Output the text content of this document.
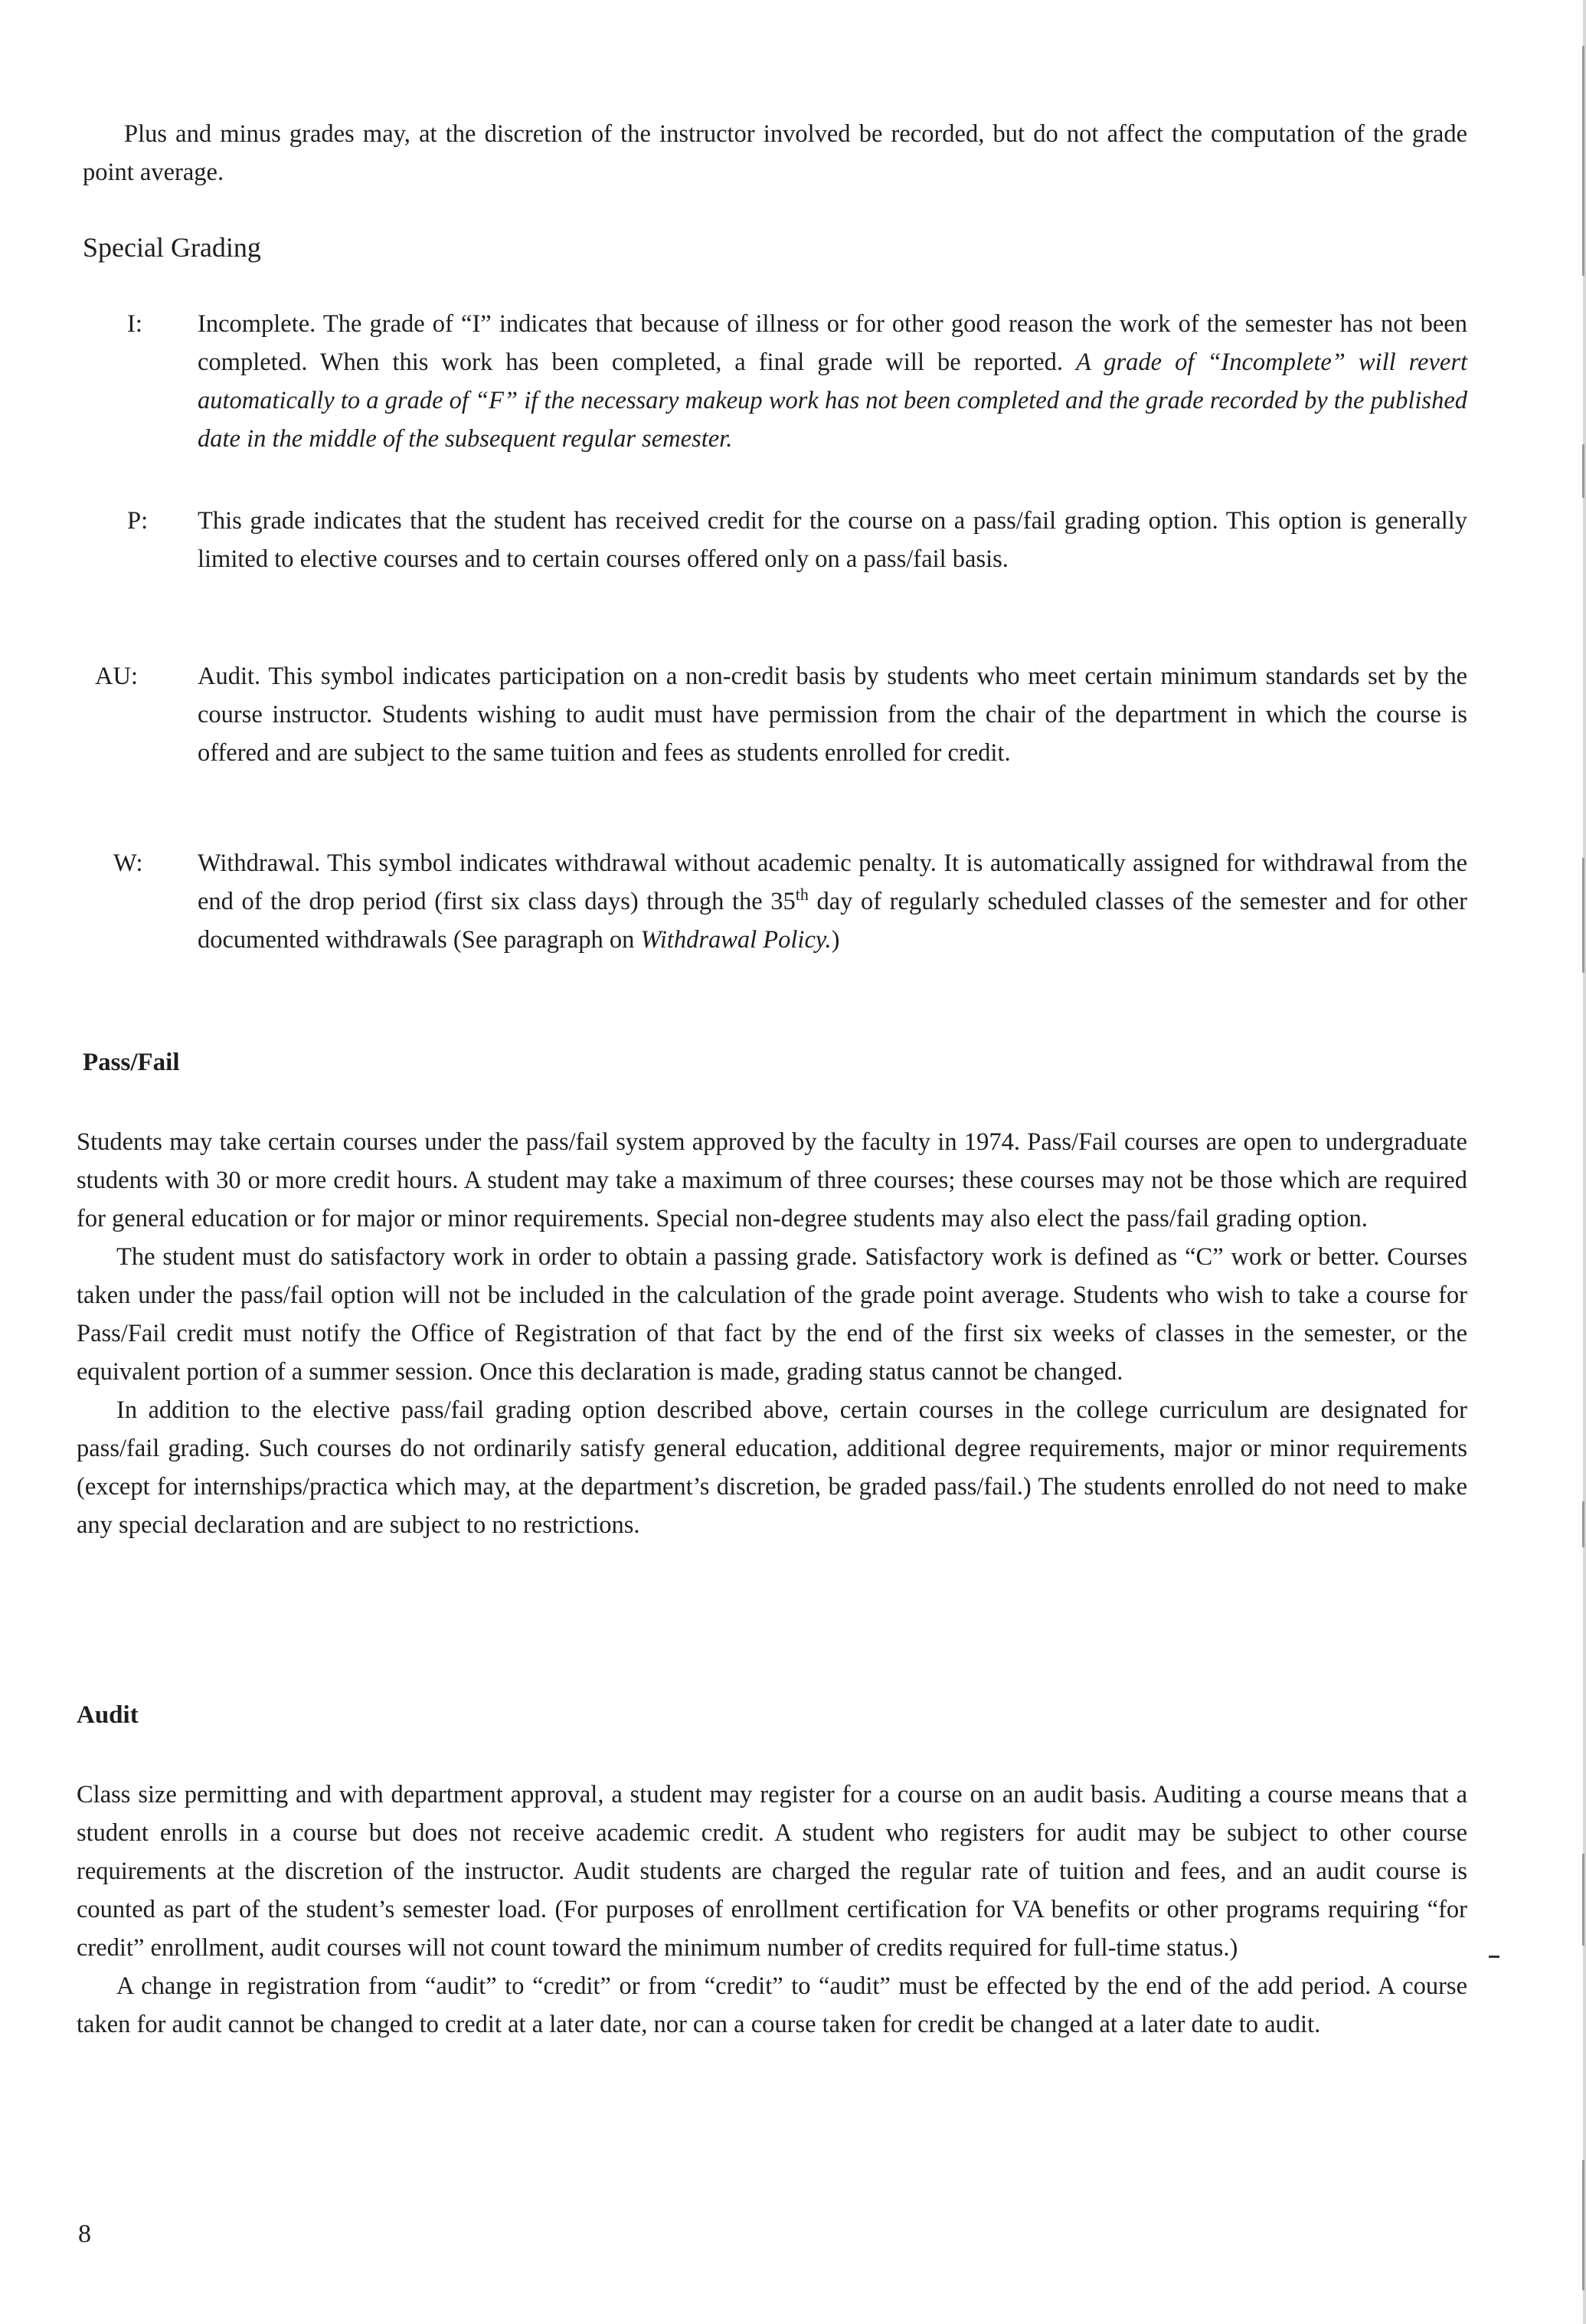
Plus and minus grades may, at the discretion of the instructor involved be recorded, but do not affect the computation of the grade point average.

Special Grading
I:	Incomplete. The grade of “I” indicates that because of illness or for other good reason the work of the semester has not been completed. When this work has been completed, a final grade will be reported. A grade of “Incomplete” will revert automatically to a grade of “F” if the necessary makeup work has not been completed and the grade recorded by the published date in the middle of the subsequent regular semester.
P:	This grade indicates that the student has received credit for the course on a pass/fail grading option. This option is generally limited to elective courses and to certain courses offered only on a pass/fail basis.
AU:	Audit. This symbol indicates participation on a non-credit basis by students who meet certain minimum standards set by the course instructor. Students wishing to audit must have permission from the chair of the department in which the course is offered and are subject to the same tuition and fees as students enrolled for credit.
W:	Withdrawal. This symbol indicates withdrawal without academic penalty. It is automatically assigned for withdrawal from the end of the drop period (first six class days) through the 35th day of regularly scheduled classes of the semester and for other documented withdrawals (See paragraph on Withdrawal Policy.)
Pass/Fail

Students may take certain courses under the pass/fail system approved by the faculty in 1974. Pass/Fail courses are open to undergraduate students with 30 or more credit hours. A student may take a maximum of three courses; these courses may not be those which are required for general education or for major or minor requirements. Special non-degree students may also elect the pass/fail grading option.

The student must do satisfactory work in order to obtain a passing grade. Satisfactory work is defined as “C” work or better. Courses taken under the pass/fail option will not be included in the calculation of the grade point average. Students who wish to take a course for Pass/Fail credit must notify the Office of Registration of that fact by the end of the first six weeks of classes in the semester, or the equivalent portion of a summer session. Once this declaration is made, grading status cannot be changed.

In addition to the elective pass/fail grading option described above, certain courses in the college curriculum are designated for pass/fail grading. Such courses do not ordinarily satisfy general education, additional degree requirements, major or minor requirements (except for internships/practica which may, at the department’s discretion, be graded pass/fail.) The students enrolled do not need to make any special declaration and are subject to no restrictions.

Audit

Class size permitting and with department approval, a student may register for a course on an audit basis. Auditing a course means that a student enrolls in a course but does not receive academic credit. A student who registers for audit may be subject to other course requirements at the discretion of the instructor. Audit students are charged the regular rate of tuition and fees, and an audit course is counted as part of the student’s semester load. (For purposes of enrollment certification for VA benefits or other programs requiring “for credit” enrollment, audit courses will not count toward the minimum number of credits required for full-time status.)

A change in registration from “audit” to “credit” or from “credit” to “audit” must be effected by the end of the add period. A course taken for audit cannot be changed to credit at a later date, nor can a course taken for credit be changed at a later date to audit.

8
